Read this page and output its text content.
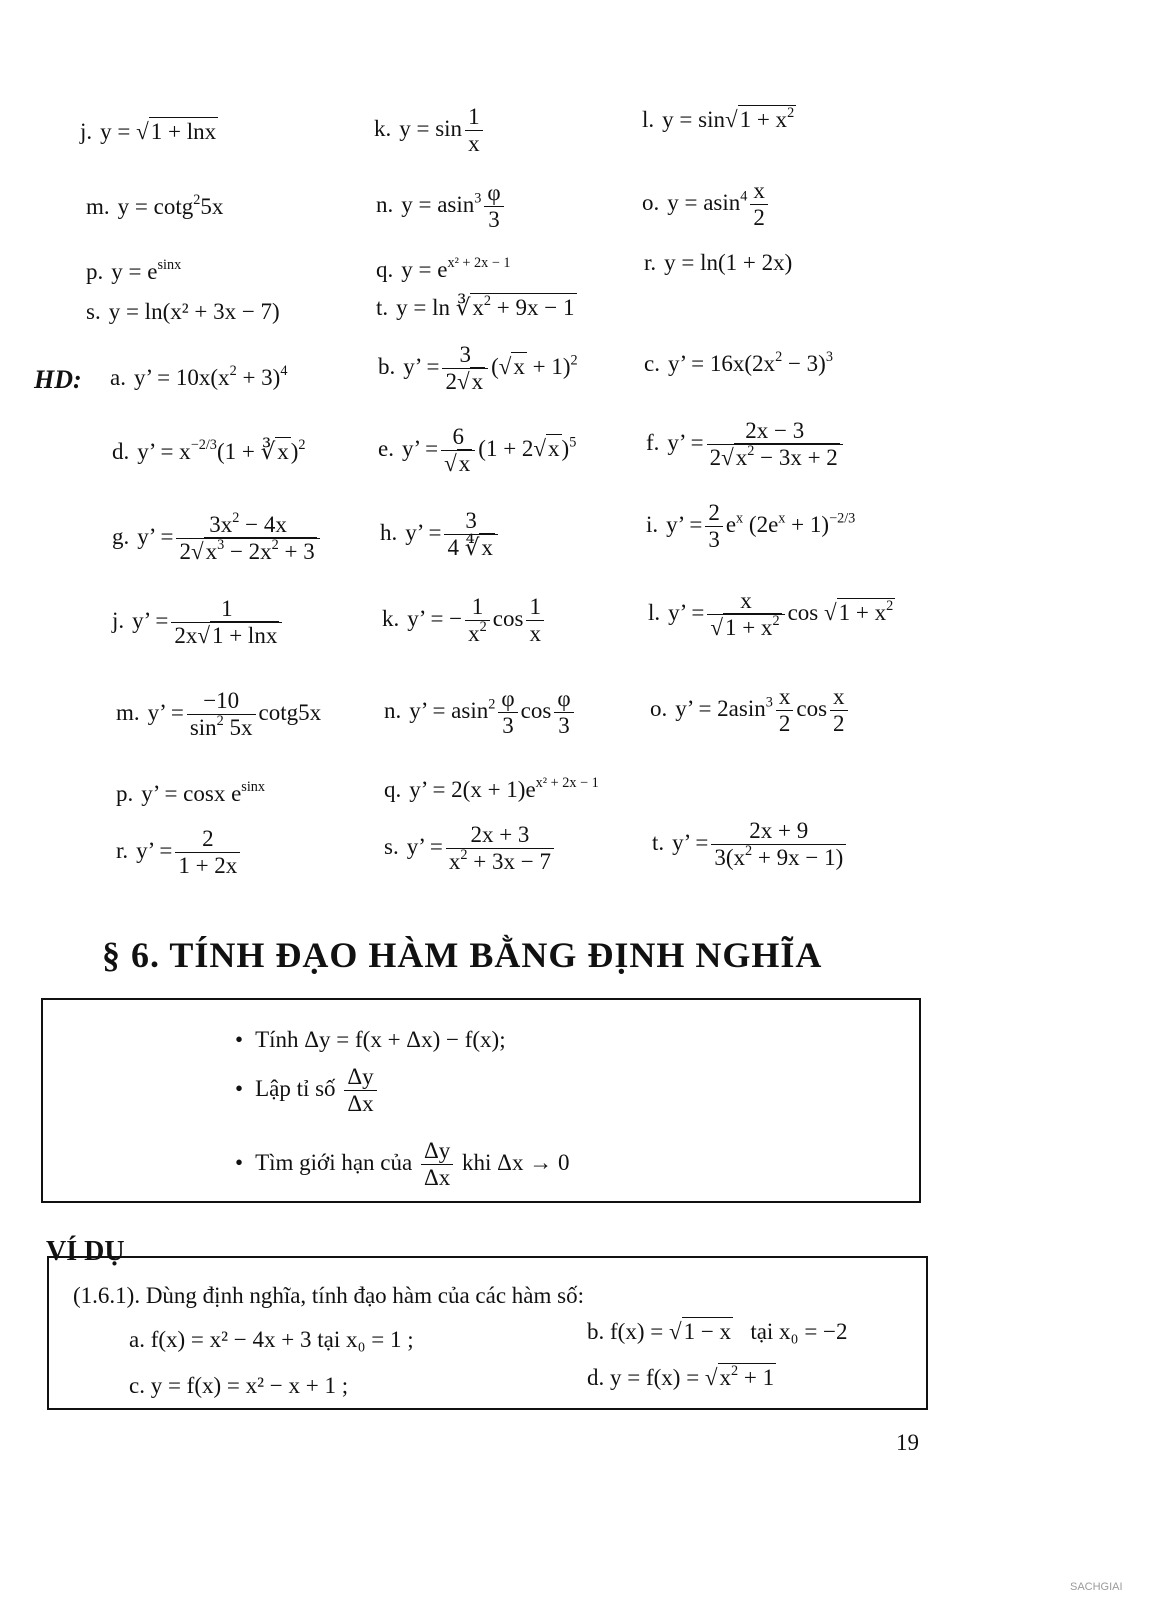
j. y = √1 + lnx	k. $y = \sin \frac{1}{x}$	l. $y = \sin√1 + x^2$
m. y = cotg$^2$5x	n. $y = asin^3 \frac{\varphi}{3}$	o. $y = asin^4 \frac{x}{2}$
p. $y = e^{sinx}$	q. $y = e^{x^2 + 2x - 1}$	r. y = ln(1 + 2x)
s. y = ln(x² + 3x − 7)	t. $y = \ln ∛x^2 + 9x - 1$
HD: a. y’ = $10x(x^2 + 3)^4$	b. y’ = $\frac{3}{2√x} (√x + 1)^2$	c. y’ = $16x(2x^2 - 3)^3$
d. y’ = $x^{-2/3}(1$ + ∛x)$^2$	e. y’ = $\frac{6}{√x} (1 + 2√x)^5$	f. y’ = $\frac{2x - 3}{2√x^2 - 3x + 2}$
g. y’ = $\frac{3x^2 - 4x}{2√x^3 - 2x^2 + 3}$	h. y’ = $\frac{3}{4 ∜x}$	i. y’ = $\frac{2}{3} e^x$ $(2e^x + 1)^{-2/3}$
j. y’ = $\frac{1}{2x√1 + \ln x}$	k. y’ = − $\frac{1}{x^2}$ $\cos \frac{1}{x}$	l. y’ = $\frac{x}{√1 + x^2}$ $\cos √1 + x^2$
m. y’ = $\frac{-10}{\sin^2 5x} \cot g5x$	n. y’ = $asin^2 \frac{\varphi}{3}$ $\cos \frac{\varphi}{3}$	o. y’ = $2asin^3 \frac{x}{2}$ $\cos \frac{x}{2}$
p. y’ = cosx $e^{sinx}$	q. y’ = $2(x + 1)e^{x^2 + 2x - 1}$
r. y’ = $\frac{2}{1 + 2x}$	s. y’ = $\frac{2x + 3}{x^2 + 3x - 7}$	t. y’ = $\frac{2x + 9}{3(x^2 + 9x - 1)}$
§ 6. TÍNH ĐẠO HÀM BẰNG ĐỊNH NGHĨA
• Tính Δy = f(x + Δx) − f(x);
• Lập tỉ số $\frac{\Delta y}{\Delta x}$
• Tìm giới hạn của $\frac{\Delta y}{\Delta x}$ khi Δx → 0
VÍ DỤ
(1.6.1). Dùng định nghĩa, tính đạo hàm của các hàm số:
a. f(x) = x² − 4x + 3 tại x₀ = 1 ;	b. f(x) = √1 − x tại x₀ = −2
c. y = f(x) = x² − x + 1 ;	d. $y = f(x) = √x^2 + 1$
19
SACHGIAI
